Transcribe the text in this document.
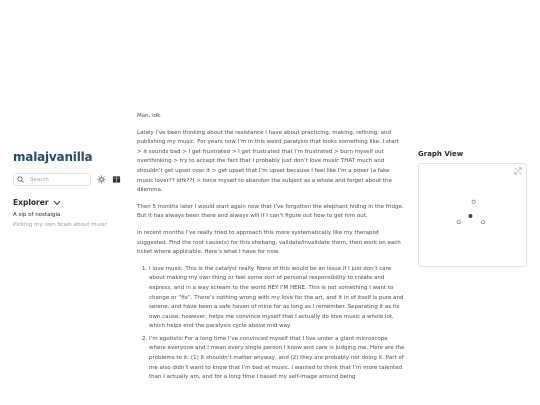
malajvanilla
Search
Explorer
A sip of nostalgia
Picking my own brain about music

Man, idk.

Lately I’ve been thinking about the resistance I have about practicing, making, refining, and publishing my music. For years now I’m in this weird paralysis that looks something like: I start > it sounds bad > I get frustrated > I get frustrated that I’m frustrated > burn myself out overthinking > try to accept the fact that I probably just don’t love music THAT much and shouldn’t get upset over it > get upset that I’m upset because I feel like I’m a poser (a fake music lover?? idfk??) > force myself to abandon the subject as a whole and forget about the dilemma.

Then 5 months later I would start again now that I’ve forgotten the elephant hiding in the fridge. But it has always been there and always will if I can’t figure out how to get him out.

In recent months I’ve really tried to approach this more systematically like my therapist suggested. Find the root cause(s) for this shebang, validate/invalidate them, then work on each ticket where applicable. Here’s what I have for now.

1. I love music. This is the catalyst really. None of this would be an issue if I just don’t care about making my own thing or feel some sort of personal responsibility to create and express, and in a way scream to the world HEY I’M HERE. This is not something I want to change or “fix”. There’s nothing wrong with my love for the art, and it in of itself is pure and serene, and have been a safe haven of mine for as long as I remember. Separating it as its own cause, however, helps me convince myself that I actually do love music a whole lot, which helps end the paralysis cycle above mid way.
2. I’m egotistic For a long time I’ve convinced myself that I live under a giant microscope where everyone and I mean every single person I know and care is judging me. Here are the problems to it: (1) It shouldn’t matter anyway, and (2) they are probably not doing it. Part of me also didn’t want to know that I’m bad at music. I wanted to think that I’m more talented than I actually am, and for a long time I based my self-image around being
Graph View
